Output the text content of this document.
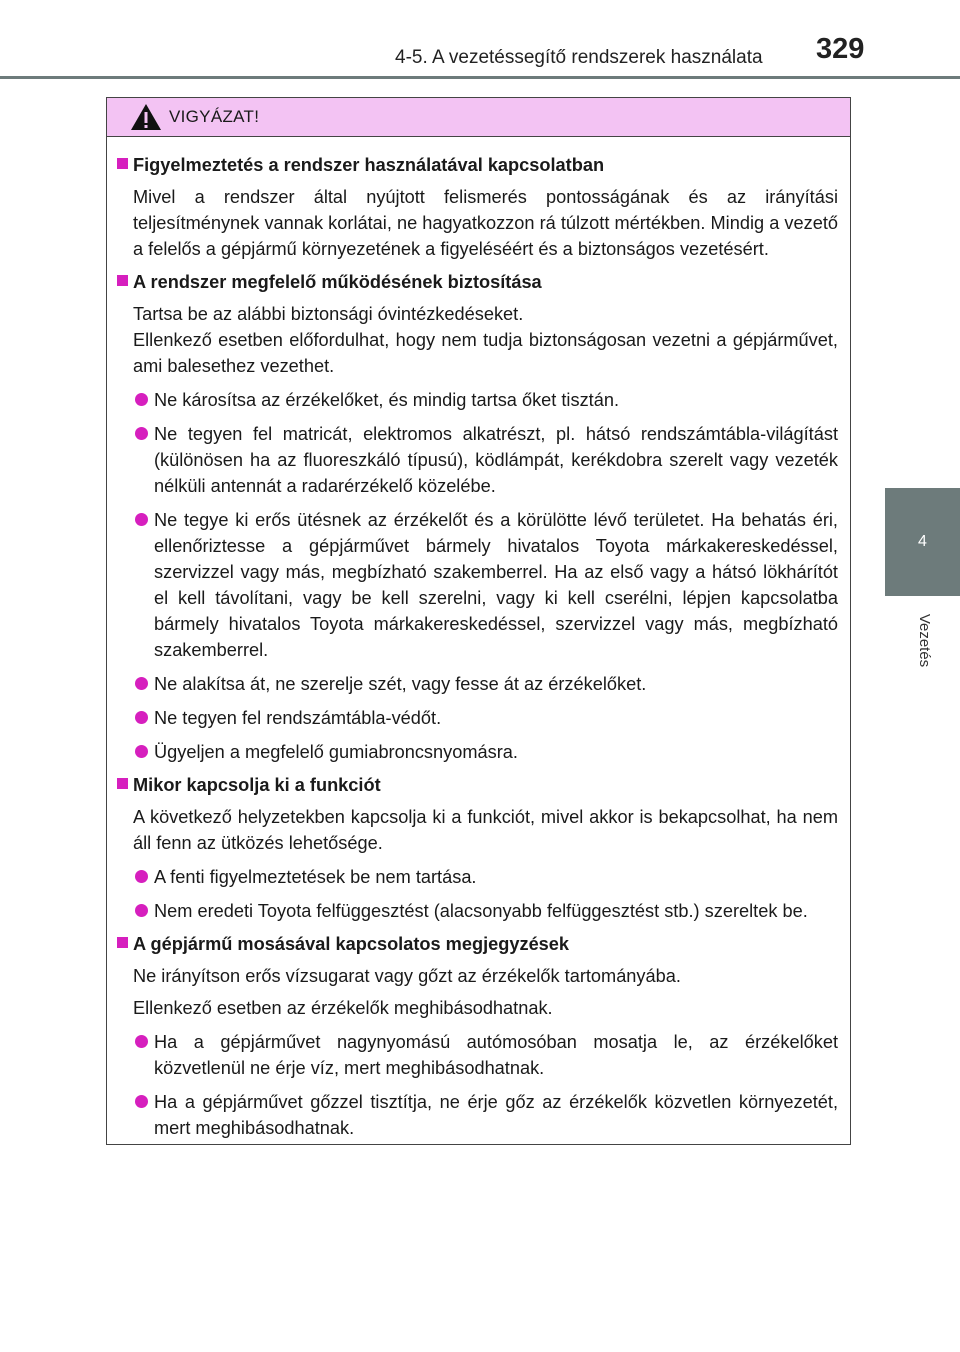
4-5. A vezetéssegítő rendszerek használata 329
4
Vezetés
VIGYÁZAT!
Figyelmeztetés a rendszer használatával kapcsolatban
Mivel a rendszer által nyújtott felismerés pontosságának és az irányítási teljesítménynek vannak korlátai, ne hagyatkozzon rá túlzott mértékben. Mindig a vezető a felelős a gépjármű környezetének a figyeléséért és a biztonságos vezetésért.
A rendszer megfelelő működésének biztosítása
Tartsa be az alábbi biztonsági óvintézkedéseket.
Ellenkező esetben előfordulhat, hogy nem tudja biztonságosan vezetni a gépjárművet, ami balesethez vezethet.
Ne károsítsa az érzékelőket, és mindig tartsa őket tisztán.
Ne tegyen fel matricát, elektromos alkatrészt, pl. hátsó rendszámtábla-világítást (különösen ha az fluoreszkáló típusú), ködlámpát, kerékdobra szerelt vagy vezeték nélküli antennát a radarérzékelő közelébe.
Ne tegye ki erős ütésnek az érzékelőt és a körülötte lévő területet. Ha behatás éri, ellenőriztesse a gépjárművet bármely hivatalos Toyota márkakereskedéssel, szervizzel vagy más, megbízható szakemberrel. Ha az első vagy a hátsó lökhárítót el kell távolítani, vagy be kell szerelni, vagy ki kell cserélni, lépjen kapcsolatba bármely hivatalos Toyota márkakereskedéssel, szervizzel vagy más, megbízható szakemberrel.
Ne alakítsa át, ne szerelje szét, vagy fesse át az érzékelőket.
Ne tegyen fel rendszámtábla-védőt.
Ügyeljen a megfelelő gumiabroncsnyomásra.
Mikor kapcsolja ki a funkciót
A következő helyzetekben kapcsolja ki a funkciót, mivel akkor is bekapcsolhat, ha nem áll fenn az ütközés lehetősége.
A fenti figyelmeztetések be nem tartása.
Nem eredeti Toyota felfüggesztést (alacsonyabb felfüggesztést stb.) szereltek be.
A gépjármű mosásával kapcsolatos megjegyzések
Ne irányítson erős vízsugarat vagy gőzt az érzékelők tartományába.
Ellenkező esetben az érzékelők meghibásodhatnak.
Ha a gépjárművet nagynyomású autómosóban mosatja le, az érzékelőket közvetlenül ne érje víz, mert meghibásodhatnak.
Ha a gépjárművet gőzzel tisztítja, ne érje gőz az érzékelők közvetlen környezetét, mert meghibásodhatnak.
